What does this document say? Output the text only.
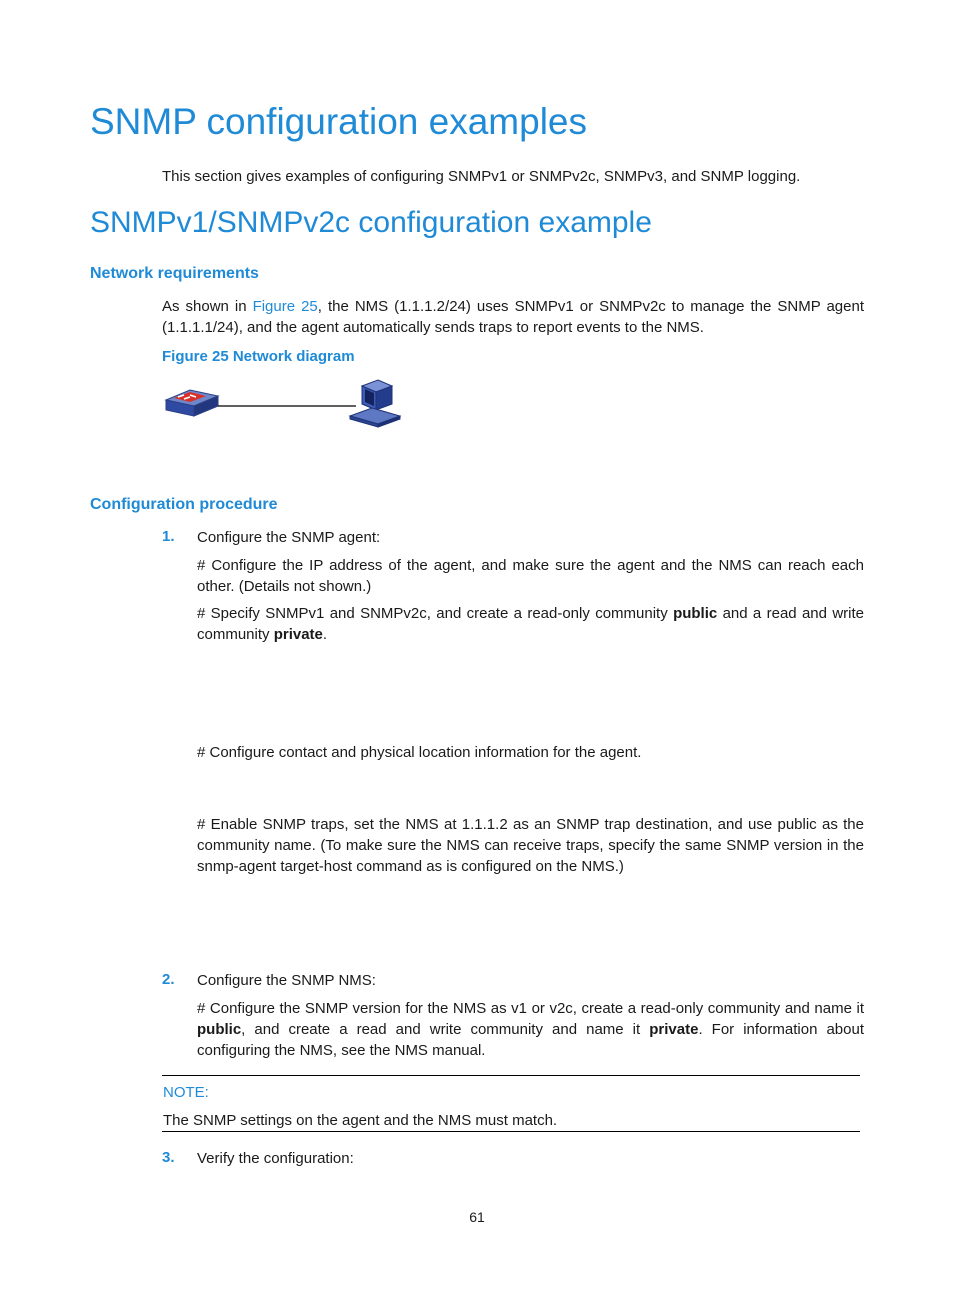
SNMP configuration examples
This section gives examples of configuring SNMPv1 or SNMPv2c, SNMPv3, and SNMP logging.
SNMPv1/SNMPv2c configuration example
Network requirements
As shown in Figure 25, the NMS (1.1.1.2/24) uses SNMPv1 or SNMPv2c to manage the SNMP agent (1.1.1.1/24), and the agent automatically sends traps to report events to the NMS.
Figure 25 Network diagram
Configuration procedure
1. Configure the SNMP agent:
# Configure the IP address of the agent, and make sure the agent and the NMS can reach each other. (Details not shown.)
# Specify SNMPv1 and SNMPv2c, and create a read-only community public and a read and write community private.
# Configure contact and physical location information for the agent.
# Enable SNMP traps, set the NMS at 1.1.1.2 as an SNMP trap destination, and use public as the community name. (To make sure the NMS can receive traps, specify the same SNMP version in the snmp-agent target-host command as is configured on the NMS.)
2. Configure the SNMP NMS:
# Configure the SNMP version for the NMS as v1 or v2c, create a read-only community and name it public, and create a read and write community and name it private. For information about configuring the NMS, see the NMS manual.
NOTE:
The SNMP settings on the agent and the NMS must match.
3. Verify the configuration:
61
